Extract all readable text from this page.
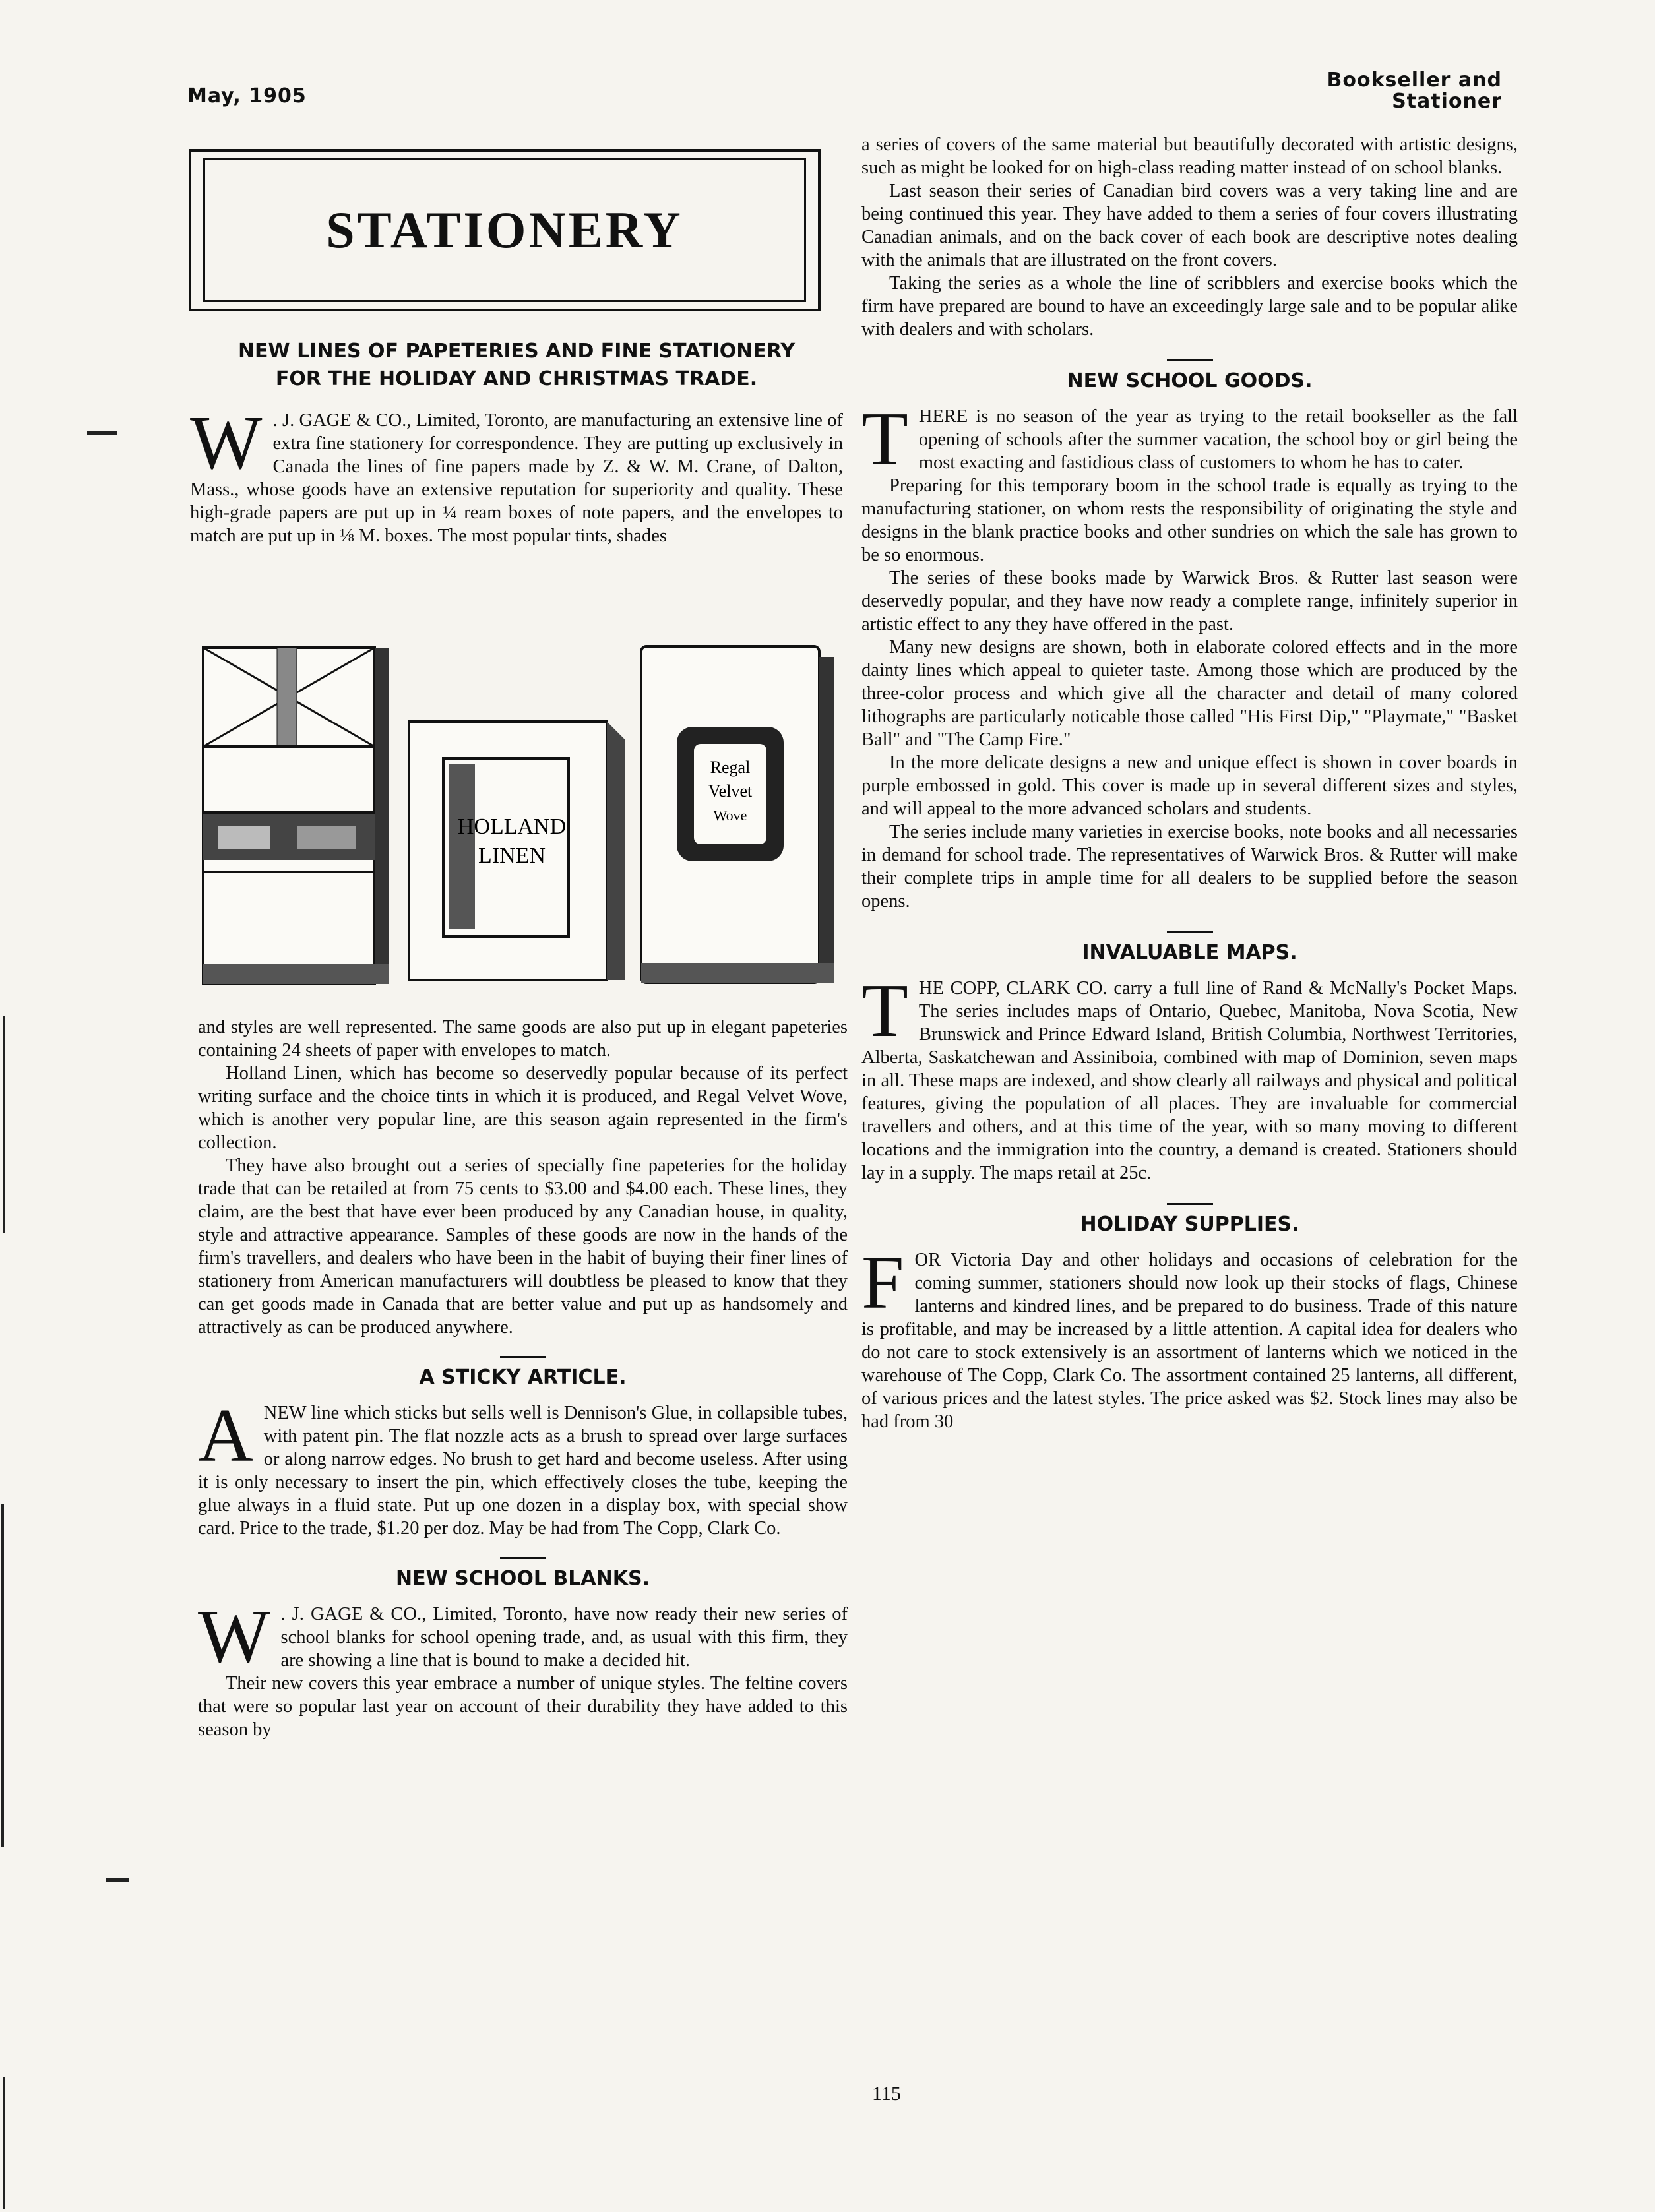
May, 1905
Bookseller and
Stationer
STATIONERY

NEW LINES OF PAPETERIES AND FINE STATIONERY FOR THE HOLIDAY AND CHRISTMAS TRADE.

W . J. GAGE & CO., Limited, Toronto, are manufacturing an extensive line of extra fine stationery for correspondence. They are putting up exclusively in Canada the lines of fine papers made by Z. & W. M. Crane, of Dalton, Mass., whose goods have an extensive reputation for superiority and quality. These high-grade papers are put up in ¼ ream boxes of note papers, and the envelopes to match are put up in ⅛ M. boxes. The most popular tints, shades

HOLLAND
LINEN
Regal
Velvet
Wove

and styles are well represented. The same goods are also put up in elegant papeteries containing 24 sheets of paper with envelopes to match.

Holland Linen, which has become so deservedly popular because of its perfect writing surface and the choice tints in which it is produced, and Regal Velvet Wove, which is another very popular line, are this season again represented in the firm's collection.

They have also brought out a series of specially fine papeteries for the holiday trade that can be retailed at from 75 cents to $3.00 and $4.00 each. These lines, they claim, are the best that have ever been produced by any Canadian house, in quality, style and attractive appearance. Samples of these goods are now in the hands of the firm's travellers, and dealers who have been in the habit of buying their finer lines of stationery from American manufacturers will doubtless be pleased to know that they can get goods made in Canada that are better value and put up as handsomely and attractively as can be produced anywhere.

A STICKY ARTICLE.

A NEW line which sticks but sells well is Dennison's Glue, in collapsible tubes, with patent pin. The flat nozzle acts as a brush to spread over large surfaces or along narrow edges. No brush to get hard and become useless. After using it is only necessary to insert the pin, which effectively closes the tube, keeping the glue always in a fluid state. Put up one dozen in a display box, with special show card. Price to the trade, $1.20 per doz. May be had from The Copp, Clark Co.

NEW SCHOOL BLANKS.

W . J. GAGE & CO., Limited, Toronto, have now ready their new series of school blanks for school opening trade, and, as usual with this firm, they are showing a line that is bound to make a decided hit.

Their new covers this year embrace a number of unique styles. The feltine covers that were so popular last year on account of their durability they have added to this season by

a series of covers of the same material but beautifully decorated with artistic designs, such as might be looked for on high-class reading matter instead of on school blanks.

Last season their series of Canadian bird covers was a very taking line and are being continued this year. They have added to them a series of four covers illustrating Canadian animals, and on the back cover of each book are descriptive notes dealing with the animals that are illustrated on the front covers.

Taking the series as a whole the line of scribblers and exercise books which the firm have prepared are bound to have an exceedingly large sale and to be popular alike with dealers and with scholars.

NEW SCHOOL GOODS.

T HERE is no season of the year as trying to the retail bookseller as the fall opening of schools after the summer vacation, the school boy or girl being the most exacting and fastidious class of customers to whom he has to cater.

Preparing for this temporary boom in the school trade is equally as trying to the manufacturing stationer, on whom rests the responsibility of originating the style and designs in the blank practice books and other sundries on which the sale has grown to be so enormous.

The series of these books made by Warwick Bros. & Rutter last season were deservedly popular, and they have now ready a complete range, infinitely superior in artistic effect to any they have offered in the past.

Many new designs are shown, both in elaborate colored effects and in the more dainty lines which appeal to quieter taste. Among those which are produced by the three-color process and which give all the character and detail of many colored lithographs are particularly noticable those called "His First Dip," "Playmate," "Basket Ball" and "The Camp Fire."

In the more delicate designs a new and unique effect is shown in cover boards in purple embossed in gold. This cover is made up in several different sizes and styles, and will appeal to the more advanced scholars and students.

The series include many varieties in exercise books, note books and all necessaries in demand for school trade. The representatives of Warwick Bros. & Rutter will make their complete trips in ample time for all dealers to be supplied before the season opens.

INVALUABLE MAPS.

T HE COPP, CLARK CO. carry a full line of Rand & McNally's Pocket Maps. The series includes maps of Ontario, Quebec, Manitoba, Nova Scotia, New Brunswick and Prince Edward Island, British Columbia, Northwest Territories, Alberta, Saskatchewan and Assiniboia, combined with map of Dominion, seven maps in all. These maps are indexed, and show clearly all railways and physical and political features, giving the population of all places. They are invaluable for commercial travellers and others, and at this time of the year, with so many moving to different locations and the immigration into the country, a demand is created. Stationers should lay in a supply. The maps retail at 25c.

HOLIDAY SUPPLIES.

F OR Victoria Day and other holidays and occasions of celebration for the coming summer, stationers should now look up their stocks of flags, Chinese lanterns and kindred lines, and be prepared to do business. Trade of this nature is profitable, and may be increased by a little attention. A capital idea for dealers who do not care to stock extensively is an assortment of lanterns which we noticed in the warehouse of The Copp, Clark Co. The assortment contained 25 lanterns, all different, of various prices and the latest styles. The price asked was $2. Stock lines may also be had from 30

115
